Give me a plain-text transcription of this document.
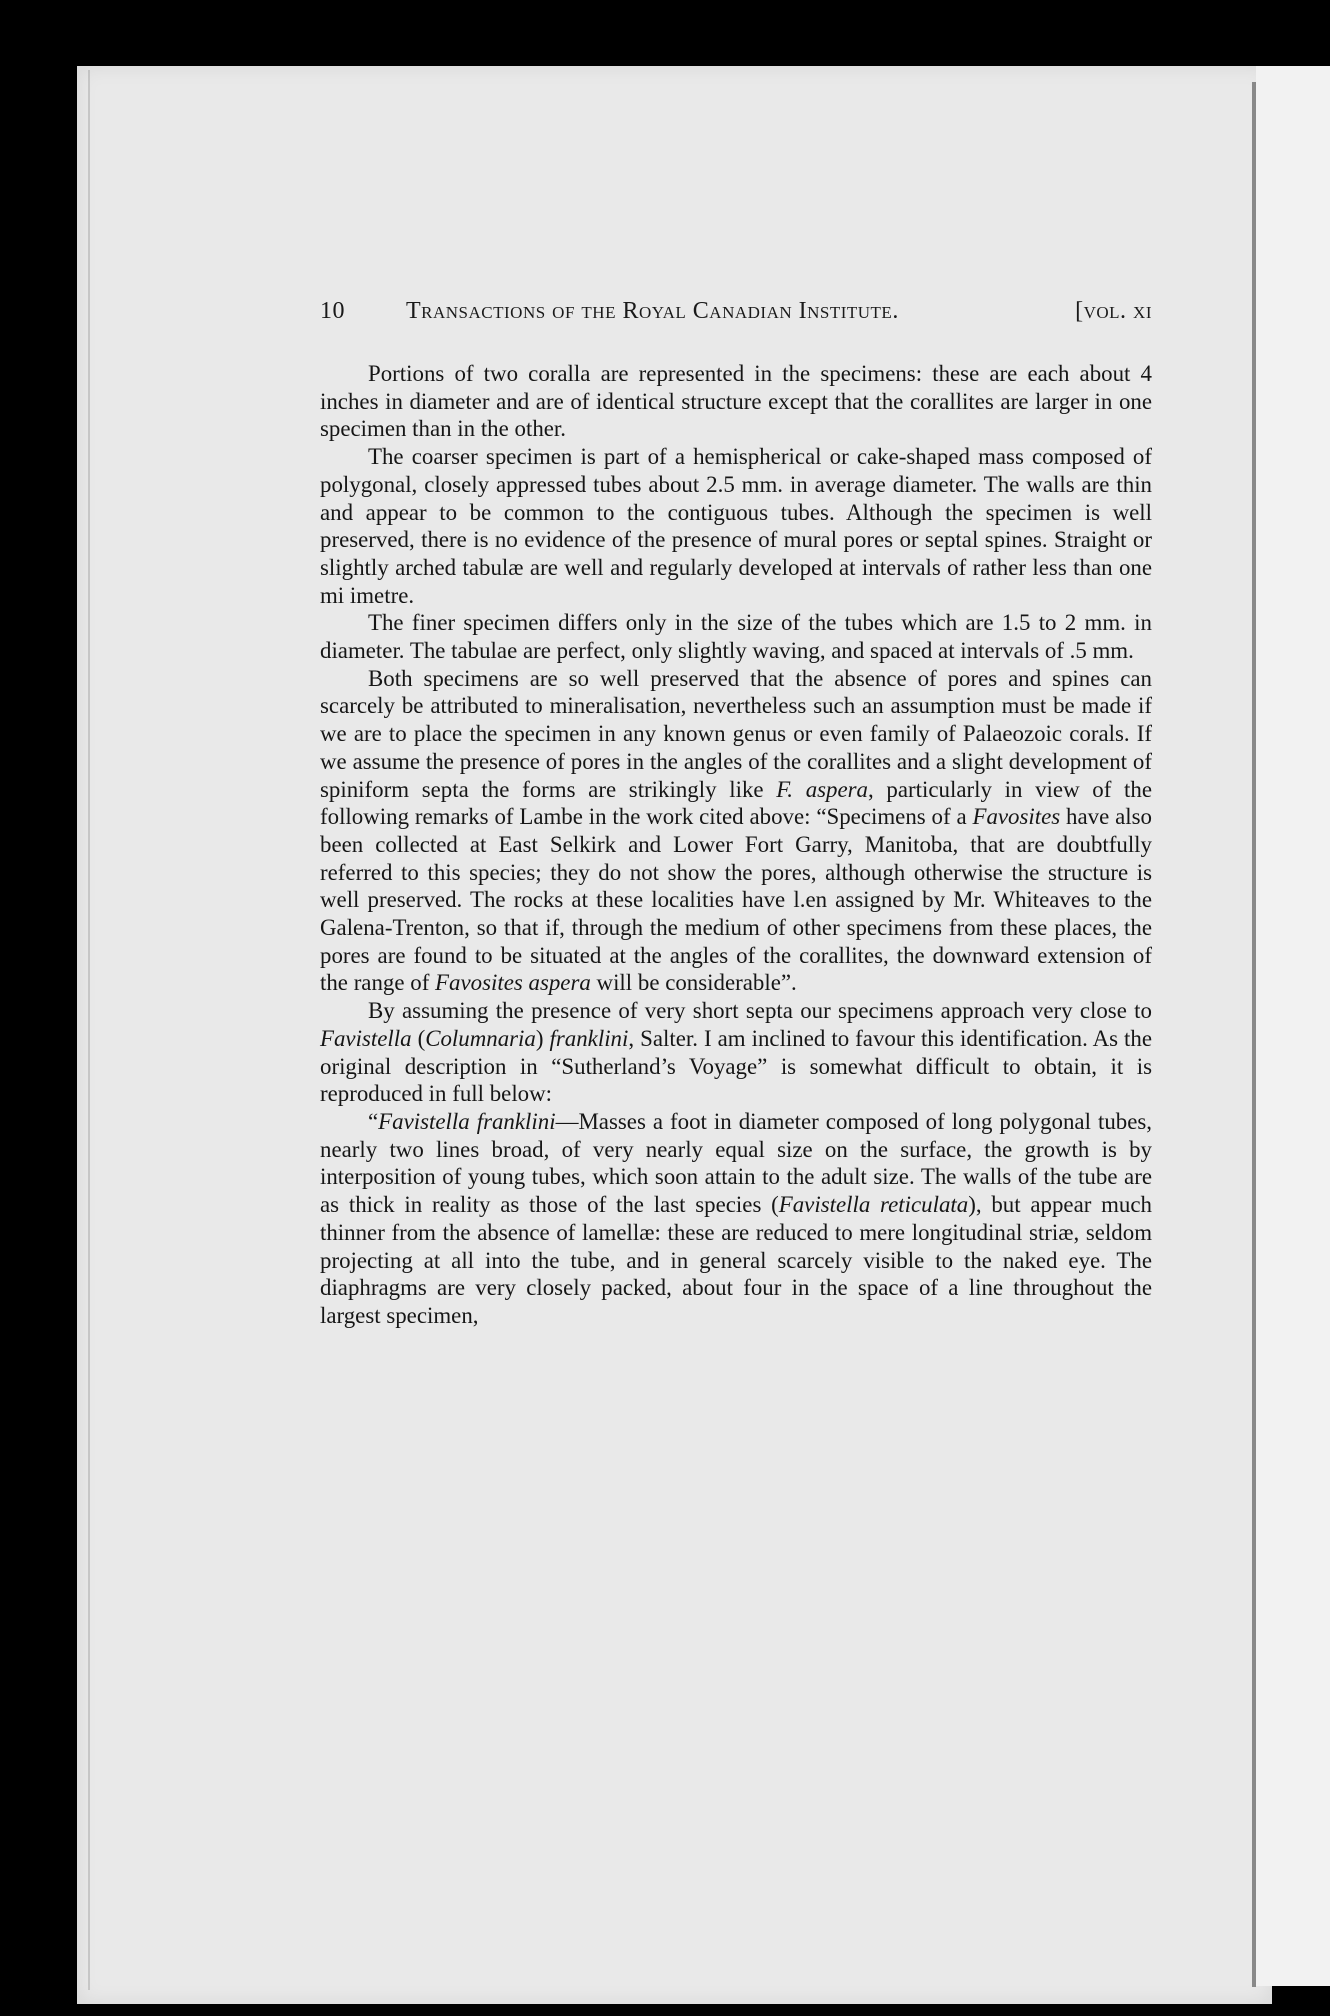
10	Transactions of the Royal Canadian Institute.	[vol. xi

Portions of two coralla are represented in the specimens: these are each about 4 inches in diameter and are of identical structure except that the corallites are larger in one specimen than in the other.

The coarser specimen is part of a hemispherical or cake-shaped mass composed of polygonal, closely appressed tubes about 2.5 mm. in average diameter. The walls are thin and appear to be common to the contiguous tubes. Although the specimen is well preserved, there is no evidence of the presence of mural pores or septal spines. Straight or slightly arched tabulæ are well and regularly developed at intervals of rather less than one mi imetre.

The finer specimen differs only in the size of the tubes which are 1.5 to 2 mm. in diameter. The tabulae are perfect, only slightly waving, and spaced at intervals of .5 mm.

Both specimens are so well preserved that the absence of pores and spines can scarcely be attributed to mineralisation, nevertheless such an assumption must be made if we are to place the specimen in any known genus or even family of Palaeozoic corals. If we assume the presence of pores in the angles of the corallites and a slight development of spiniform septa the forms are strikingly like F. aspera, particularly in view of the following remarks of Lambe in the work cited above: “Specimens of a Favosites have also been collected at East Selkirk and Lower Fort Garry, Manitoba, that are doubtfully referred to this species; they do not show the pores, although otherwise the structure is well preserved. The rocks at these localities have l.en assigned by Mr. Whiteaves to the Galena-Trenton, so that if, through the medium of other specimens from these places, the pores are found to be situated at the angles of the corallites, the downward extension of the range of Favosites aspera will be considerable”.

By assuming the presence of very short septa our specimens approach very close to Favistella (Columnaria) franklini, Salter. I am inclined to favour this identification. As the original description in “Sutherland’s Voyage” is somewhat difficult to obtain, it is reproduced in full below:

“Favistella franklini—Masses a foot in diameter composed of long polygonal tubes, nearly two lines broad, of very nearly equal size on the surface, the growth is by interposition of young tubes, which soon attain to the adult size. The walls of the tube are as thick in reality as those of the last species (Favistella reticulata), but appear much thinner from the absence of lamellæ: these are reduced to mere longitudinal striæ, seldom projecting at all into the tube, and in general scarcely visible to the naked eye. The diaphragms are very closely packed, about four in the space of a line throughout the largest specimen,
